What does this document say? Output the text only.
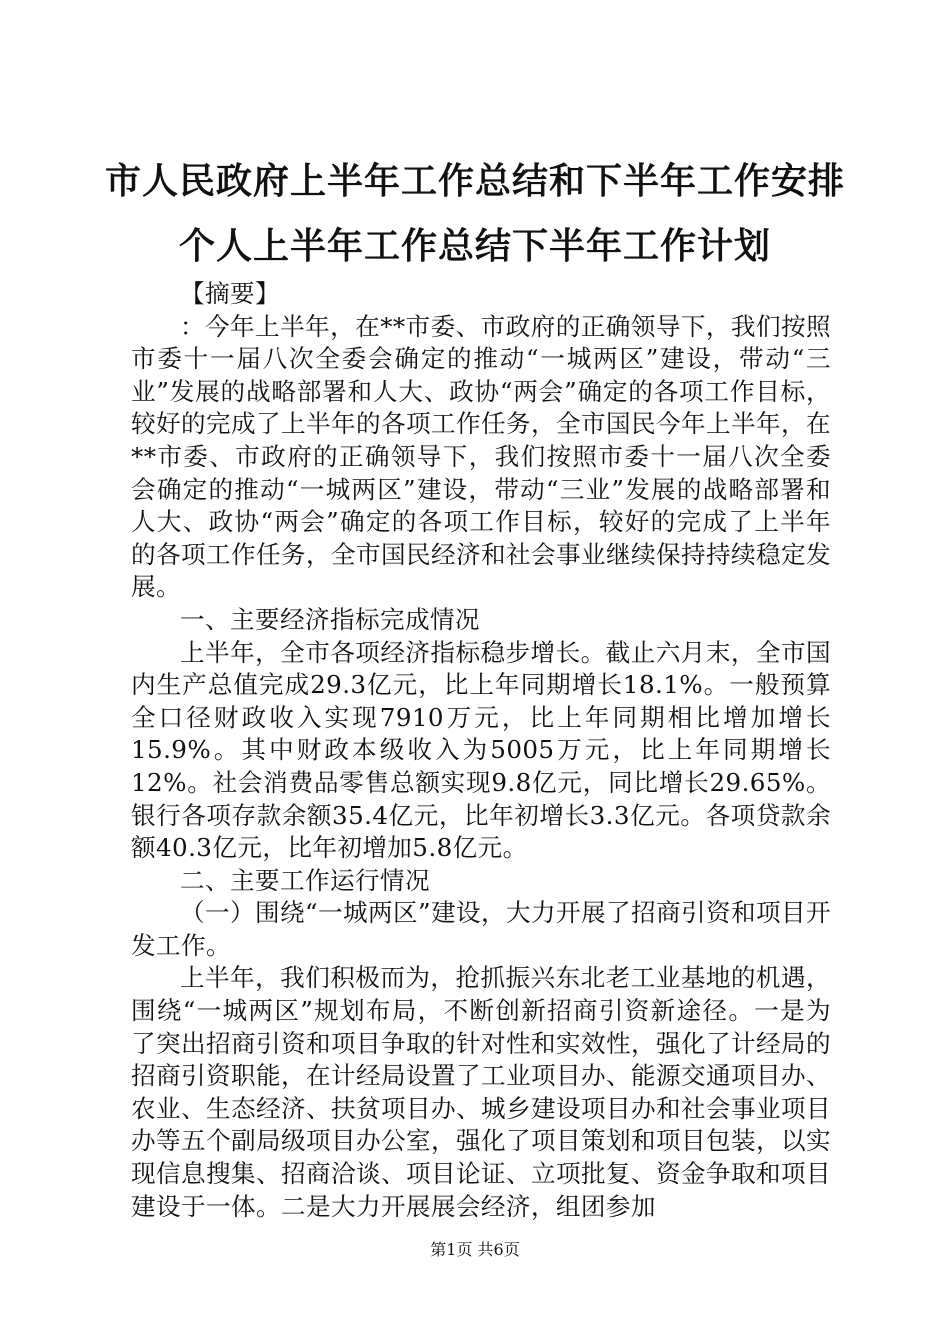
市人民政府上半年工作总结和下半年工作安排
个人上半年工作总结下半年工作计划

【摘要】

：今年上半年，在**市委、市政府的正确领导下，我们按照市委十一届八次全委会确定的推动“一城两区”建设，带动“三业”发展的战略部署和人大、政协“两会”确定的各项工作目标，较好的完成了上半年的各项工作任务，全市国民今年上半年，在**市委、市政府的正确领导下，我们按照市委十一届八次全委会确定的推动“一城两区”建设，带动“三业”发展的战略部署和人大、政协“两会”确定的各项工作目标，较好的完成了上半年的各项工作任务，全市国民经济和社会事业继续保持持续稳定发展。

一、主要经济指标完成情况

上半年，全市各项经济指标稳步增长。截止六月末，全市国内生产总值完成29.3亿元，比上年同期增长18.1%。一般预算全口径财政收入实现7910万元，比上年同期相比增加增长15.9%。其中财政本级收入为5005万元，比上年同期增长12%。社会消费品零售总额实现9.8亿元，同比增长29.65%。银行各项存款余额35.4亿元，比年初增长3.3亿元。各项贷款余额40.3亿元，比年初增加5.8亿元。

二、主要工作运行情况

（一）围绕“一城两区”建设，大力开展了招商引资和项目开发工作。

上半年，我们积极而为，抢抓振兴东北老工业基地的机遇，围绕“一城两区”规划布局，不断创新招商引资新途径。一是为了突出招商引资和项目争取的针对性和实效性，强化了计经局的招商引资职能，在计经局设置了工业项目办、能源交通项目办、农业、生态经济、扶贫项目办、城乡建设项目办和社会事业项目办等五个副局级项目办公室，强化了项目策划和项目包装，以实现信息搜集、招商洽谈、项目论证、立项批复、资金争取和项目建设于一体。二是大力开展展会经济，组团参加

第1页 共6页
